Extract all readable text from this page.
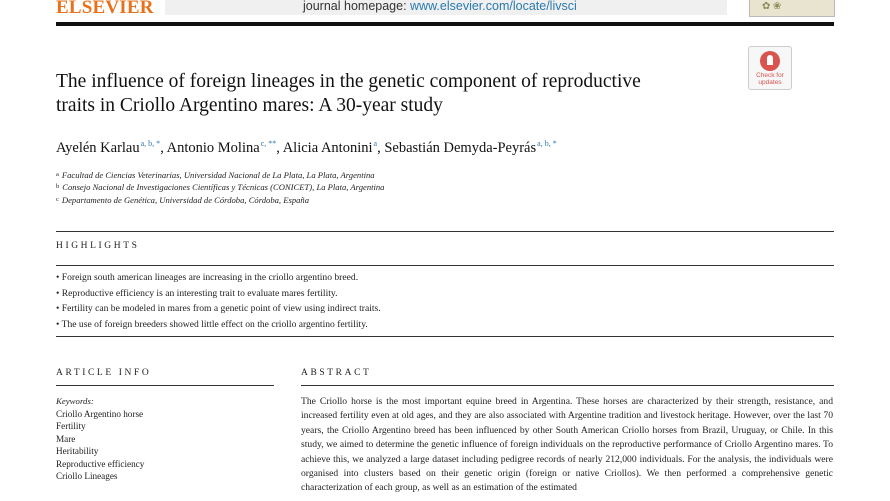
ELSEVIER	journal homepage: www.elsevier.com/locate/livsci	✿ ❀
The influence of foreign lineages in the genetic component of reproductive
traits in Criollo Argentino mares: A 30-year study
Check for
updates
Ayelén Karlau$^{a, b, *}$, Antonio Molina$^{c, **}$, Alicia Antonini$^a$, Sebastián Demyda-Peyrás$^{a, b, *}$
$^a$ Facultad de Ciencias Veterinarias, Universidad Nacional de La Plata, La Plata, Argentina
$^b$ Consejo Nacional de Investigaciones Científicas y Técnicas (CONICET), La Plata, Argentina
$^c$ Departamento de Genética, Universidad de Córdoba, Córdoba, España
HIGHLIGHTS
• Foreign south american lineages are increasing in the criollo argentino breed.
• Reproductive efficiency is an interesting trait to evaluate mares fertility.
• Fertility can be modeled in mares from a genetic point of view using indirect traits.
• The use of foreign breeders showed little effect on the criollo argentino fertility.
ARTICLE INFO
Keywords:
Criollo Argentino horse
Fertility
Mare
Heritability
Reproductive efficiency
Criollo Lineages
ABSTRACT
The Criollo horse is the most important equine breed in Argentina. These horses are characterized by their strength, resistance, and increased fertility even at old ages, and they are also associated with Argentine tradition and livestock heritage. However, over the last 70 years, the Criollo Argentino breed has been influenced by other South American Criollo horses from Brazil, Uruguay, or Chile. In this study, we aimed to determine the genetic influence of foreign individuals on the reproductive performance of Criollo Argentino mares. To achieve this, we analyzed a large dataset including pedigree records of nearly 212,000 individuals. For the analysis, the individuals were organised into clusters based on their genetic origin (foreign or native Criollos). We then performed a comprehensive genetic characterization of each group, as well as an estimation of the estimated
